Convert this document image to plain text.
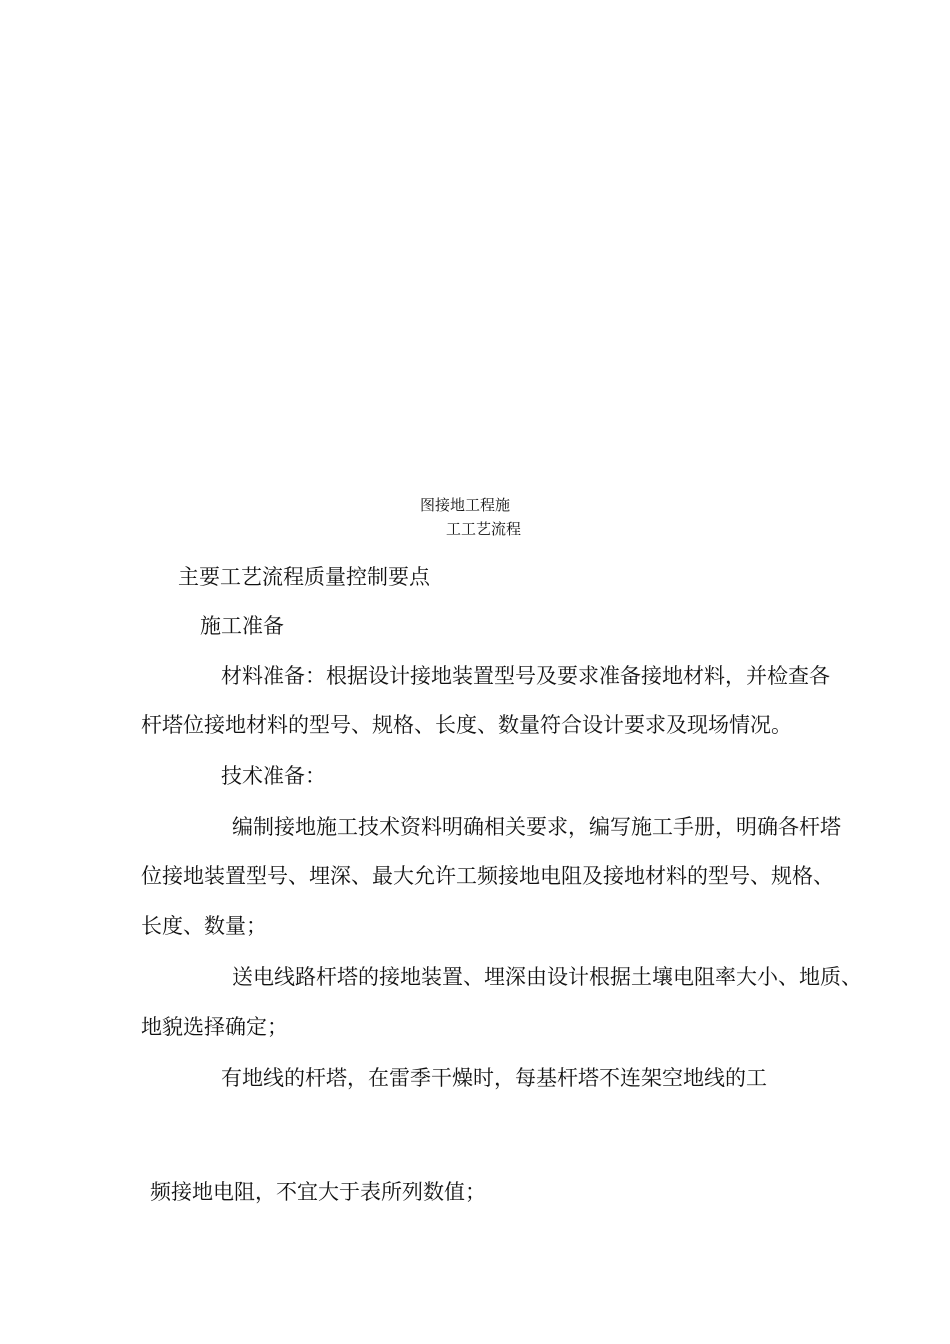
图接地工程施
工工艺流程
主要工艺流程质量控制要点
施工准备
材料准备：根据设计接地装置型号及要求准备接地材料，并检查各
杆塔位接地材料的型号、规格、长度、数量符合设计要求及现场情况。
技术准备：
编制接地施工技术资料明确相关要求，编写施工手册，明确各杆塔
位接地装置型号、埋深、最大允许工频接地电阻及接地材料的型号、规格、
长度、数量；
送电线路杆塔的接地装置、埋深由设计根据土壤电阻率大小、地质、
地貌选择确定；
有地线的杆塔，在雷季干燥时，每基杆塔不连架空地线的工
频接地电阻，不宜大于表所列数值；
